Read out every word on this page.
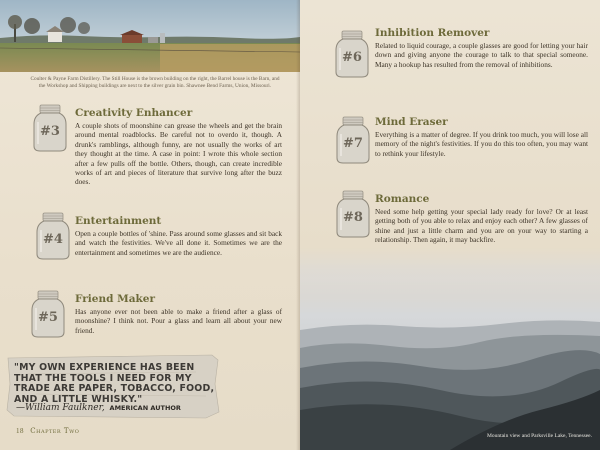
Coulter & Payne Farm Distillery. The Still House is the brown building on the right, the Barrel house is the Barn, and the Workshop and Shipping buildings are next to the silver grain bin. Shawnee Bend Farms, Union, Missouri.

#3
Creativity Enhancer

A couple shots of moonshine can grease the wheels and get the brain around mental roadblocks. Be careful not to overdo it, though. A drunk's ramblings, although funny, are not usually the works of art they thought at the time. A case in point: I wrote this whole section after a few pulls off the bottle. Others, though, can create incredible works of art and pieces of literature that survive long after the buzz does.

#4
Entertainment

Open a couple bottles of 'shine. Pass around some glasses and sit back and watch the festivities. We've all done it. Sometimes we are the entertainment and sometimes we are the audience.

#5
Friend Maker

Has anyone ever not been able to make a friend after a glass of moonshine? I think not. Pour a glass and learn all about your new friend.

"MY OWN EXPERIENCE HAS BEEN THAT THE TOOLS I NEED FOR MY TRADE ARE PAPER, TOBACCO, FOOD, AND A LITTLE WHISKY."

—William Faulkner, AMERICAN AUTHOR

18 Chapter Two
#6
Inhibition Remover

Related to liquid courage, a couple glasses are good for letting your hair down and giving anyone the courage to talk to that special someone. Many a hookup has resulted from the removal of inhibitions.

#7
Mind Eraser

Everything is a matter of degree. If you drink too much, you will lose all memory of the night's festivities. If you do this too often, you may want to rethink your lifestyle.

#8
Romance

Need some help getting your special lady ready for love? Or at least getting both of you able to relax and enjoy each other? A few glasses of shine and just a little charm and you are on your way to starting a relationship. Then again, it may backfire.

Mountain view and Parksville Lake, Tennessee.
